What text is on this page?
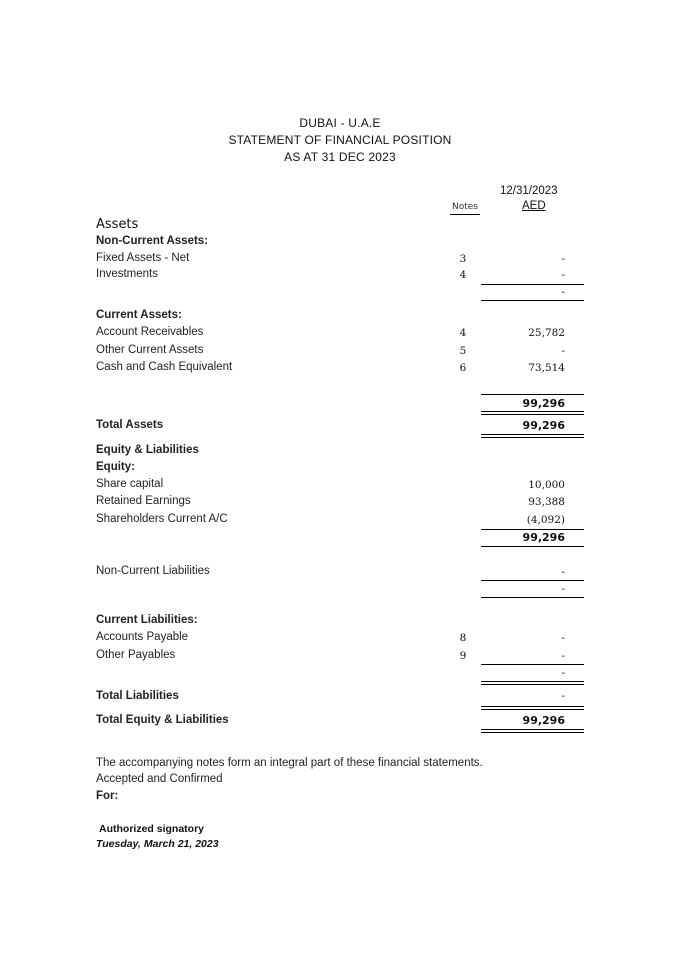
DUBAI - U.A.E
STATEMENT OF FINANCIAL POSITION
AS AT 31 DEC 2023
12/31/2023
Notes	AED
Assets
Non-Current Assets:
Fixed Assets - Net	3	-
Investments	4	-
-
Current Assets:
Account Receivables	4	25,782
Other Current Assets	5	-
Cash and Cash Equivalent	6	73,514
99,296
Total Assets	99,296
Equity & Liabilities
Equity:
Share capital	10,000
Retained Earnings	93,388
Shareholders Current A/C	(4,092)
99,296
Non-Current Liabilities	-
-
Current Liabilities:
Accounts Payable	8	-
Other Payables	9	-
-
Total Liabilities	-
Total Equity & Liabilities	99,296
The accompanying notes form an integral part of these financial statements.
Accepted and Confirmed
For:
Authorized signatory
Tuesday, March 21, 2023
